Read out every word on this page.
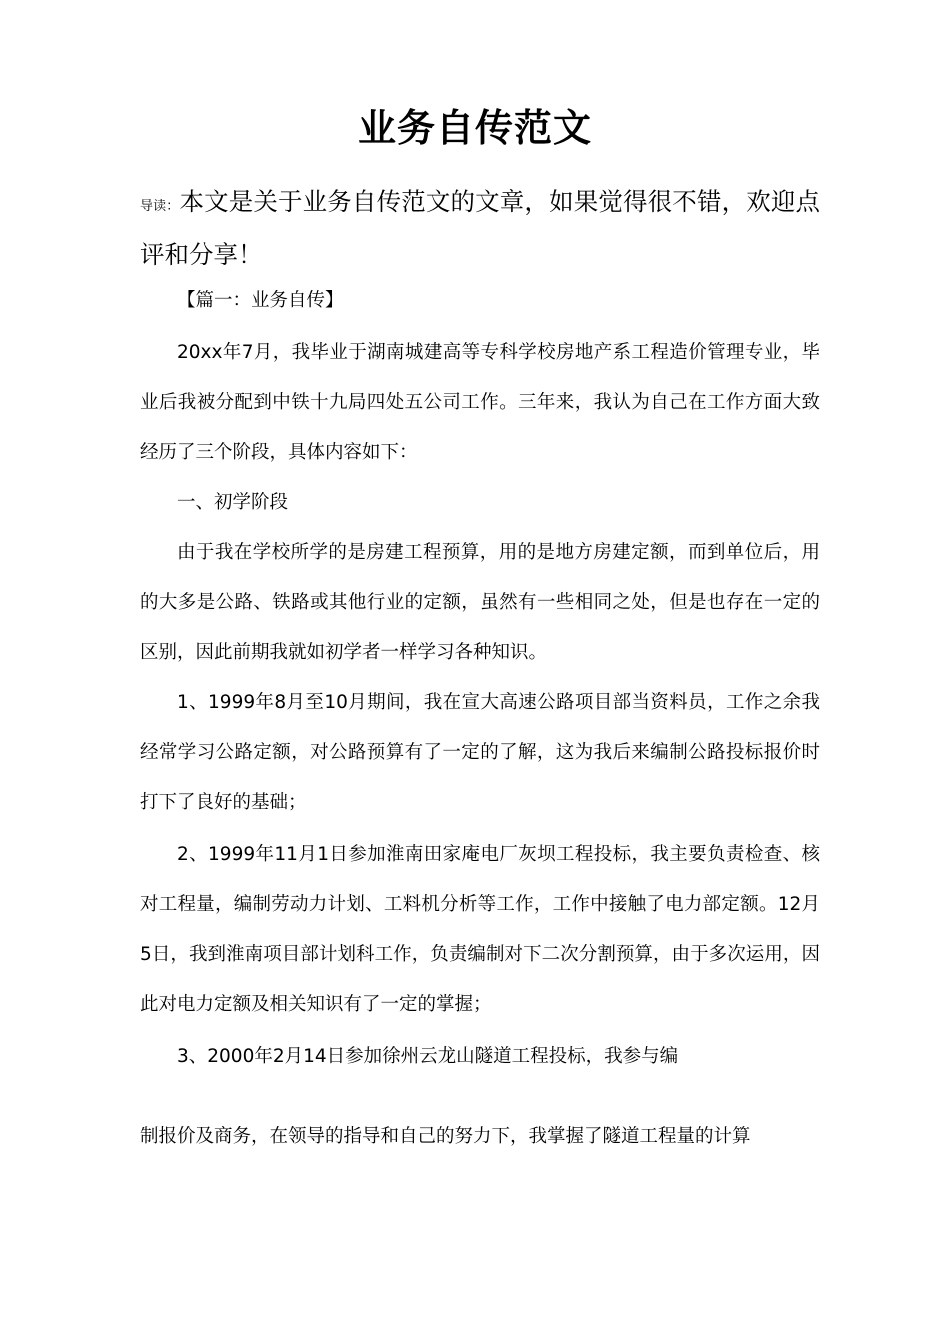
业务自传范文
导读：本文是关于业务自传范文的文章，如果觉得很不错，欢迎点评和分享！

【篇一：业务自传】

20xx年7月，我毕业于湖南城建高等专科学校房地产系工程造价管理专业，毕业后我被分配到中铁十九局四处五公司工作。三年来，我认为自己在工作方面大致经历了三个阶段，具体内容如下：

一、初学阶段

由于我在学校所学的是房建工程预算，用的是地方房建定额，而到单位后，用的大多是公路、铁路或其他行业的定额，虽然有一些相同之处，但是也存在一定的区别，因此前期我就如初学者一样学习各种知识。

1、1999年8月至10月期间，我在宣大高速公路项目部当资料员，工作之余我经常学习公路定额，对公路预算有了一定的了解，这为我后来编制公路投标报价时打下了良好的基础；

2、1999年11月1日参加淮南田家庵电厂灰坝工程投标，我主要负责检查、核对工程量，编制劳动力计划、工料机分析等工作，工作中接触了电力部定额。12月5日，我到淮南项目部计划科工作，负责编制对下二次分割预算，由于多次运用，因此对电力定额及相关知识有了一定的掌握；

3、2000年2月14日参加徐州云龙山隧道工程投标，我参与编

制报价及商务，在领导的指导和自己的努力下，我掌握了隧道工程量的计算
